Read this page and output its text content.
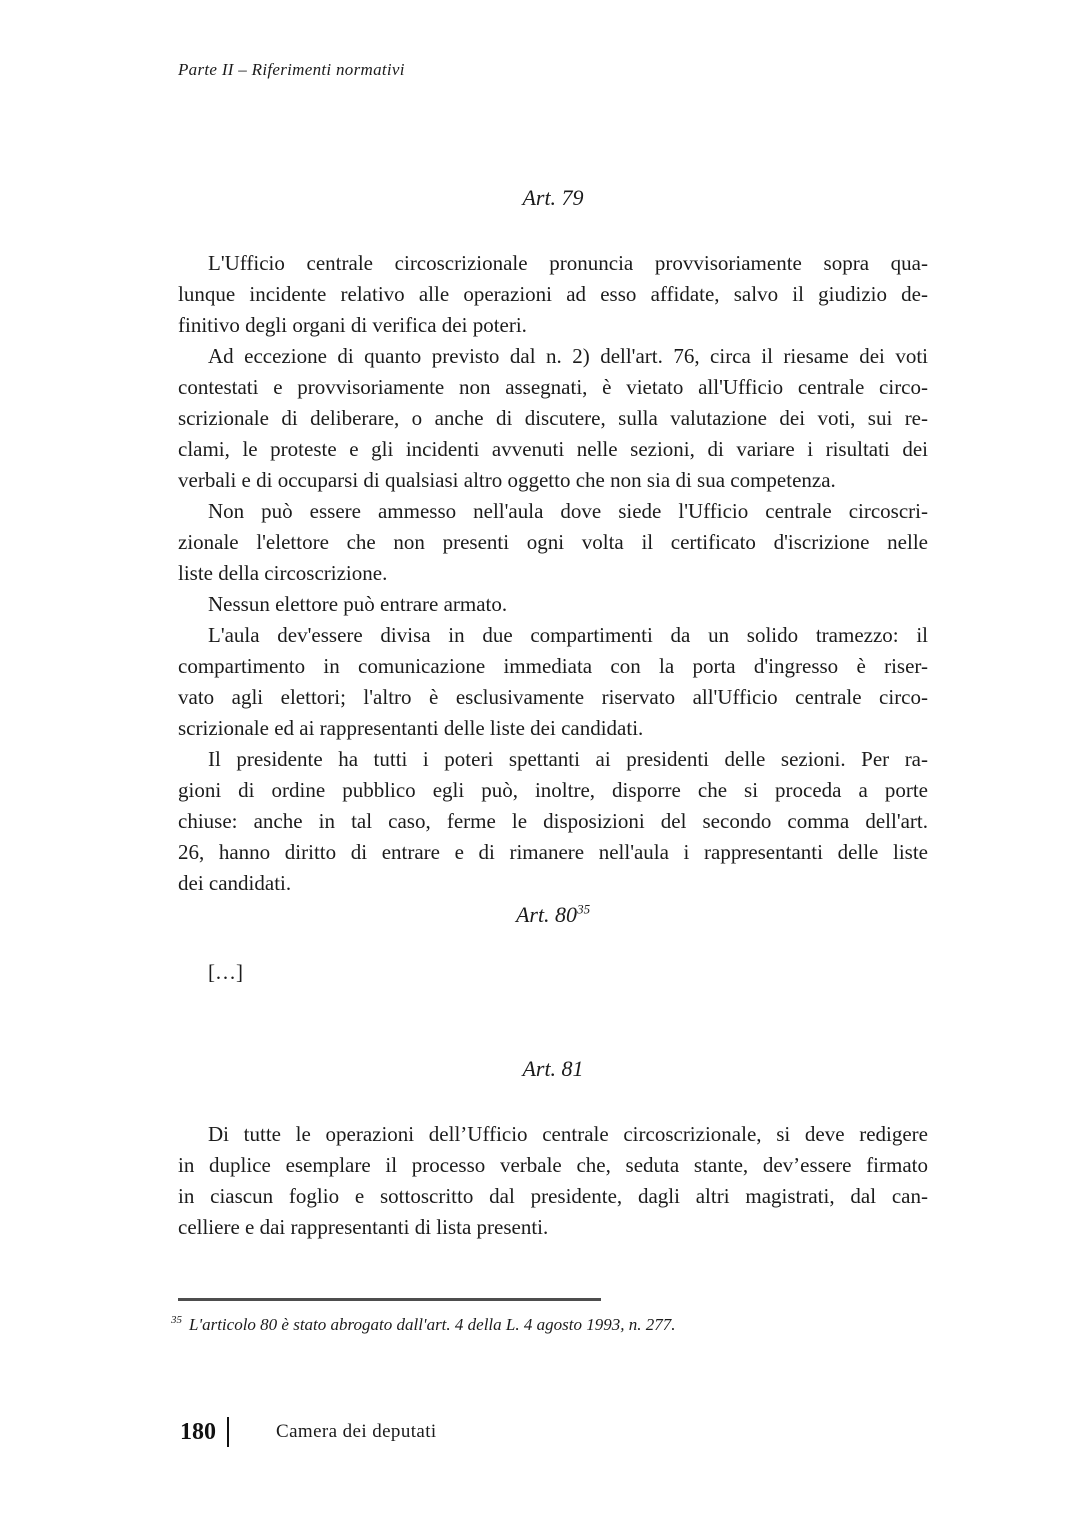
Parte II – Riferimenti normativi
Art. 79
L'Ufficio centrale circoscrizionale pronuncia provvisoriamente sopra qua-
lunque incidente relativo alle operazioni ad esso affidate, salvo il giudizio de-
finitivo degli organi di verifica dei poteri.
Ad eccezione di quanto previsto dal n. 2) dell'art. 76, circa il riesame dei voti
contestati e provvisoriamente non assegnati, è vietato all'Ufficio centrale circo-
scrizionale di deliberare, o anche di discutere, sulla valutazione dei voti, sui re-
clami, le proteste e gli incidenti avvenuti nelle sezioni, di variare i risultati dei
verbali e di occuparsi di qualsiasi altro oggetto che non sia di sua competenza.
Non può essere ammesso nell'aula dove siede l'Ufficio centrale circoscri-
zionale l'elettore che non presenti ogni volta il certificato d'iscrizione nelle
liste della circoscrizione.
Nessun elettore può entrare armato.
L'aula dev'essere divisa in due compartimenti da un solido tramezzo: il
compartimento in comunicazione immediata con la porta d'ingresso è riser-
vato agli elettori; l'altro è esclusivamente riservato all'Ufficio centrale circo-
scrizionale ed ai rappresentanti delle liste dei candidati.
Il presidente ha tutti i poteri spettanti ai presidenti delle sezioni. Per ra-
gioni di ordine pubblico egli può, inoltre, disporre che si proceda a porte
chiuse: anche in tal caso, ferme le disposizioni del secondo comma dell'art.
26, hanno diritto di entrare e di rimanere nell'aula i rappresentanti delle liste
dei candidati.
Art. $80^{35}$
[…]
Art. 81
Di tutte le operazioni dell’Ufficio centrale circoscrizionale, si deve redigere
in duplice esemplare il processo verbale che, seduta stante, dev’essere firmato
in ciascun foglio e sottoscritto dal presidente, dagli altri magistrati, dal can-
celliere e dai rappresentanti di lista presenti.
$^{35}$ L'articolo 80 è stato abrogato dall'art. 4 della L. 4 agosto 1993, n. 277.
180	Camera dei deputati
